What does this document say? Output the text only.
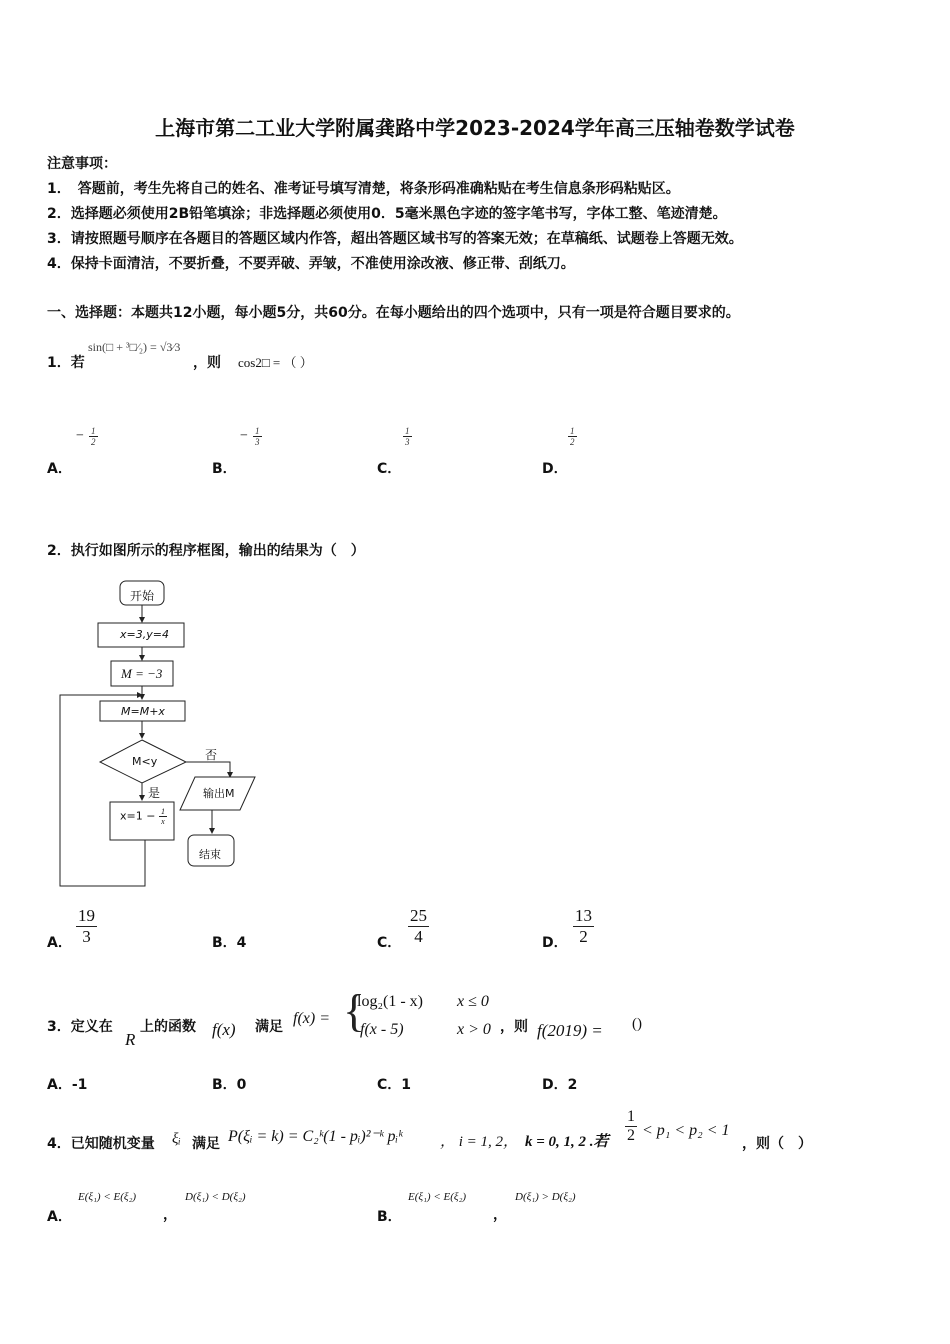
上海市第二工业大学附属龚路中学2023-2024学年高三压轴卷数学试卷
注意事项：
1．　答题前，考生先将自己的姓名、准考证号填写清楚，将条形码准确粘贴在考生信息条形码粘贴区。
2．选择题必须使用2B铅笔填涂；非选择题必须使用0．5毫米黑色字迹的签字笔书写，字体工整、笔迹清楚。
3．请按照题号顺序在各题目的答题区域内作答，超出答题区域书写的答案无效；在草稿纸、试题卷上答题无效。
4．保持卡面清洁，不要折叠，不要弄破、弄皱，不准使用涂改液、修正带、刮纸刀。
一、选择题：本题共12小题，每小题5分，共60分。在每小题给出的四个选项中，只有一项是符合题目要求的。
1．若
sin(□ + ³□⁄₂) = √3⁄3
，则 cos2□ = （ ）
− $\frac{1}{2}$
A．
− $\frac{1}{3}$
B．
$\frac{1}{3}$
C．
$\frac{1}{2}$
D．
2．执行如图所示的程序框图，输出的结果为（　）
开始
x=3,y=4
M = −3
M=M+x
M<y	否
是	输出M
结束
$x=1 - \frac{1}{x}$
A． $\frac{19}{3}$	B．4	C． $\frac{25}{4}$	D． $\frac{13}{2}$
3．定义在
R
上的函数 f(x) 满足 f(x) = {
log₂(1 - x) x ≤ 0
f(x - 5)	x > 0 ，则 f(2019) = ()
A．-1	B．0	C．1	D．2
4．已知随机变量 ξᵢ 满足 P(ξᵢ = k) = C₂ᵏ(1 - pᵢ)²⁻ᵏ pᵢᵏ ， i = 1, 2， k = 0, 1, 2 .若 $\frac{1}{2} < p_1 < p_2 < 1$
，则（　）
A．
E(ξ₁) < E(ξ₂)
，
D(ξ₁) < D(ξ₂)
B．
E(ξ₁) < E(ξ₂)
，
D(ξ₁) > D(ξ₂)
